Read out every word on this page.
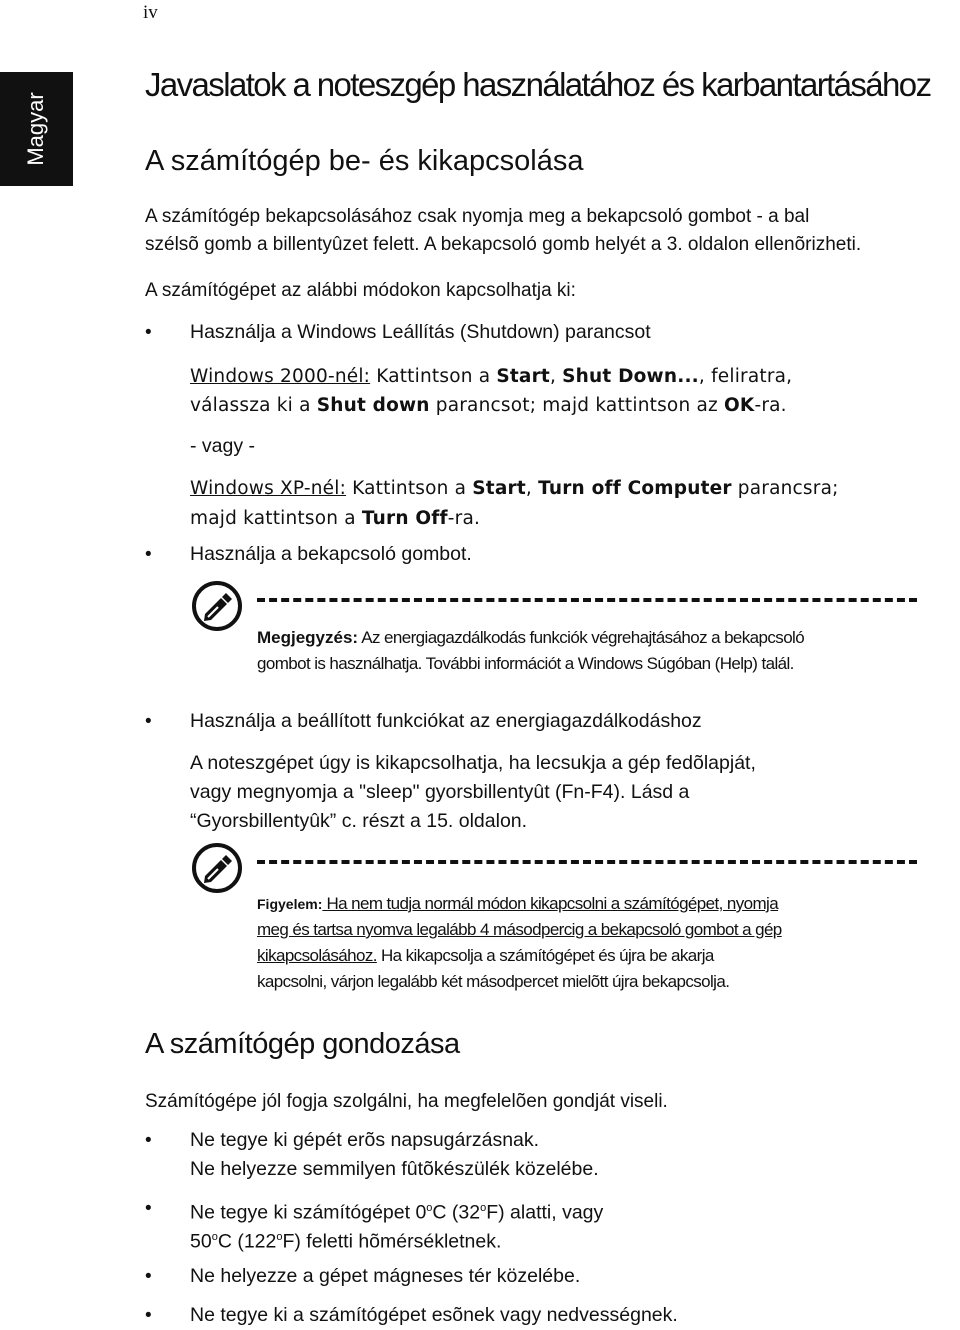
iv
Magyar
Javaslatok a noteszgép használatához és karbantartásához
A számítógép be- és kikapcsolása
A számítógép bekapcsolásához csak nyomja meg a bekapcsoló gombot - a bal
szélsõ gomb a billentyûzet felett. A bekapcsoló gomb helyét a 3. oldalon ellenõrizheti.
A számítógépet az alábbi módokon kapcsolhatja ki:
• Használja a Windows Leállítás (Shutdown) parancsot
Windows 2000-nél: Kattintson a Start, Shut Down..., feliratra,
válassza ki a Shut down parancsot; majd kattintson az OK-ra.
- vagy -
Windows XP-nél: Kattintson a Start, Turn off Computer parancsra;
majd kattintson a Turn Off-ra.
• Használja a bekapcsoló gombot.
Megjegyzés: Az energiagazdálkodás funkciók végrehajtásához a bekapcsoló
gombot is használhatja. További információt a Windows Súgóban (Help) talál.
• Használja a beállított funkciókat az energiagazdálkodáshoz
A noteszgépet úgy is kikapcsolhatja, ha lecsukja a gép fedõlapját,
vagy megnyomja a "sleep" gyorsbillentyût (Fn-F4). Lásd a
“Gyorsbillentyûk” c. részt a 15. oldalon.
Figyelem: Ha nem tudja normál módon kikapcsolni a számítógépet, nyomja
meg és tartsa nyomva legalább 4 másodpercig a bekapcsoló gombot a gép
kikapcsolásához. Ha kikapcsolja a számítógépet és újra be akarja
kapcsolni, várjon legalább két másodpercet mielõtt újra bekapcsolja.
A számítógép gondozása
Számítógépe jól fogja szolgálni, ha megfelelõen gondját viseli.
• Ne tegye ki gépét erõs napsugárzásnak.
Ne helyezze semmilyen fûtõkészülék közelébe.
• Ne tegye ki számítógépet 0$^o$C (32$^o$F) alatti, vagy
50$^o$C (122$^o$F) feletti hõmérsékletnek.
• Ne helyezze a gépet mágneses tér közelébe.
• Ne tegye ki a számítógépet esõnek vagy nedvességnek.
